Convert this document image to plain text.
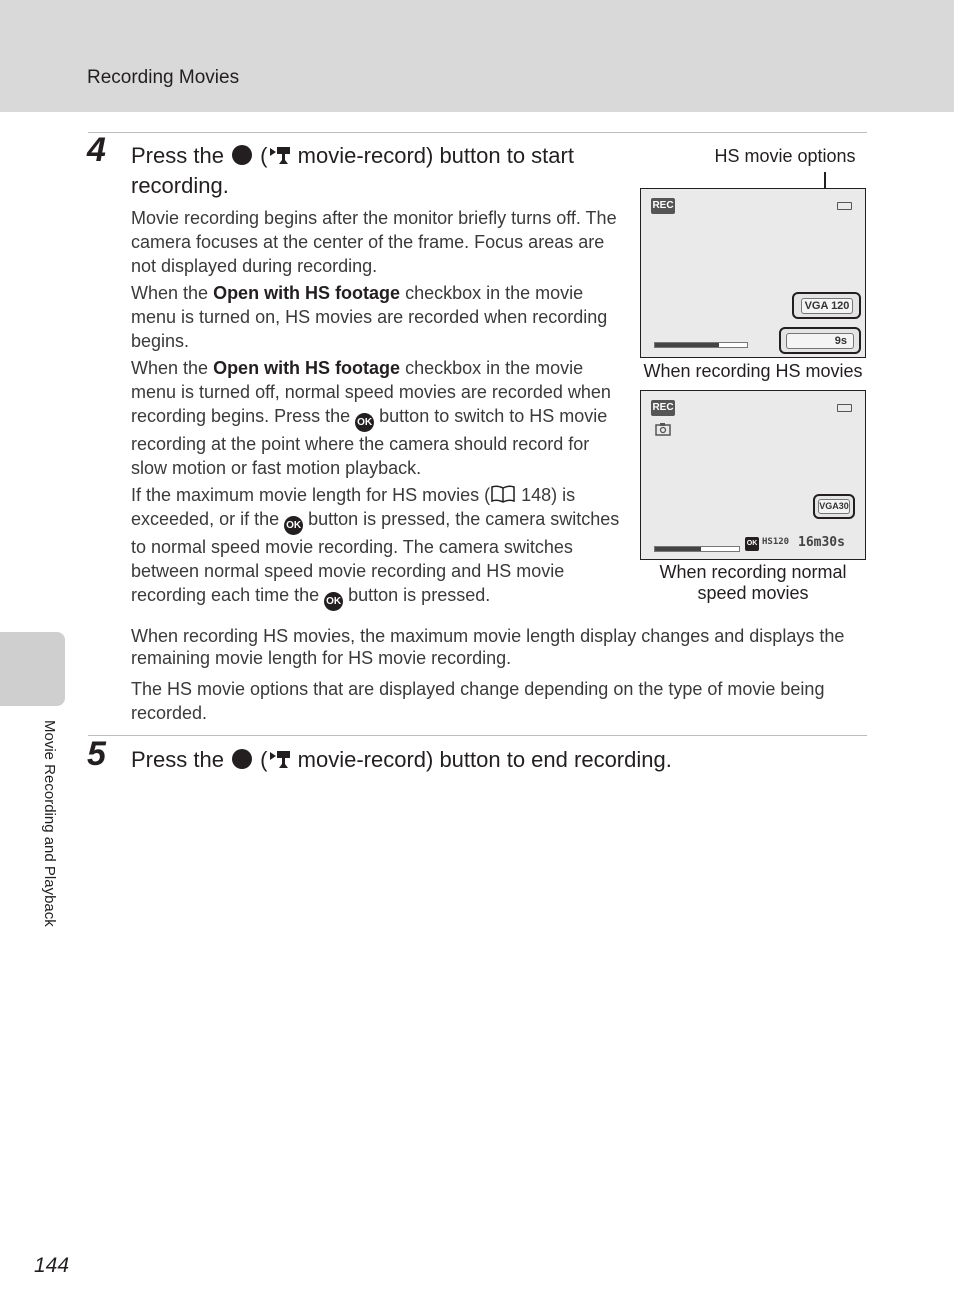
Recording Movies
Movie Recording and Playback
4 Press the  ( movie-record) button to start
recording.

Movie recording begins after the monitor briefly turns off. The camera focuses at the center of the frame. Focus areas are not displayed during recording.

When the Open with HS footage checkbox in the movie menu is turned on, HS movies are recorded when recording begins.

When the Open with HS footage checkbox in the movie menu is turned off, normal speed movies are recorded when recording begins. Press the OK button to switch to HS movie recording at the point where the camera should record for slow motion or fast motion playback.

If the maximum movie length for HS movies ( 148) is exceeded, or if the OK button is pressed, the camera switches to normal speed movie recording. The camera switches between normal speed movie recording and HS movie recording each time the OK button is pressed.

When recording HS movies, the maximum movie length display changes and displays the remaining movie length for HS movie recording.

The HS movie options that are displayed change depending on the type of movie being recorded.

HS movie options
REC
VGA 120
9s
When recording HS movies
REC
VGA30
OK HS120 16m30s
When recording normal speed movies
5 Press the  ( movie-record) button to end recording.
144
